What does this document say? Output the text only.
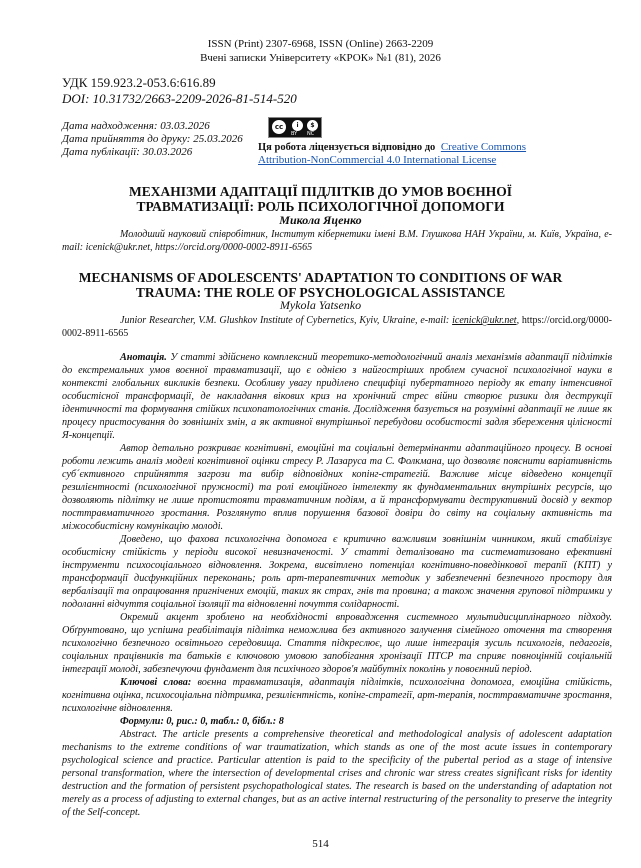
ISSN (Print) 2307-6968, ISSN (Online) 2663-2209
Вчені записки Університету «КРОК» №1 (81), 2026
УДК 159.923.2-053.6:616.89
DOI: 10.31732/2663-2209-2026-81-514-520
Дата надходження: 03.03.2026
Дата прийняття до друку: 25.03.2026
Дата публікації: 30.03.2026
cc	i	$
BY NC
Ця робота ліцензується відповідно до Creative Commons
Attribution-NonCommercial 4.0 International License
МЕХАНІЗМИ АДАПТАЦІЇ ПІДЛІТКІВ ДО УМОВ ВОЄННОЇ
ТРАВМАТИЗАЦІЇ: РОЛЬ ПСИХОЛОГІЧНОЇ ДОПОМОГИ
Микола Яценко
Молодший науковий співробітник, Інститут кібернетики імені В.М. Глушкова НАН України, м. Київ, Україна, e-mail: icenick@ukr.net, https://orcid.org/0000-0002-8911-6565
MECHANISMS OF ADOLESCENTS' ADAPTATION TO CONDITIONS OF WAR
TRAUMA: THE ROLE OF PSYCHOLOGICAL ASSISTANCE
Mykola Yatsenko
Junior Researcher, V.M. Glushkov Institute of Cybernetics, Kyiv, Ukraine, e-mail: icenick@ukr.net, https://orcid.org/0000-0002-8911-6565

Анотація. У статті здійснено комплексний теоретико-методологічний аналіз механізмів адаптації підлітків до екстремальних умов воєнної травматизації, що є однією з найгостріших проблем сучасної психологічної науки в контексті глобальних викликів безпеки. Особливу увагу приділено специфіці пубертатного періоду як етапу інтенсивної особистісної трансформації, де накладання вікових криз на хронічний стрес війни створює ризики для деструкції ідентичності та формування стійких психопатологічних станів. Дослідження базується на розумінні адаптації не лише як процесу пристосування до зовнішніх змін, а як активної внутрішньої перебудови особистості задля збереження цілісності Я-концепції.

Автор детально розкриває когнітивні, емоційні та соціальні детермінанти адаптаційного процесу. В основі роботи лежить аналіз моделі когнітивної оцінки стресу Р. Лазаруса та С. Фолкмана, що дозволяє пояснити варіативність суб´єктивного сприйняття загрози та вибір відповідних копінг-стратегій. Важливе місце відведено концепції резилієнтності (психологічної пружності) та ролі емоційного інтелекту як фундаментальних внутрішніх ресурсів, що дозволяють підлітку не лише протистояти травматичним подіям, а й трансформувати деструктивний досвід у вектор посттравматичного зростання. Розглянуто вплив порушення базової довіри до світу на соціальну активність та міжособистісну комунікацію молоді.

Доведено, що фахова психологічна допомога є критично важливим зовнішнім чинником, який стабілізує особистісну стійкість у періоди високої невизначеності. У статті деталізовано та систематизовано ефективні інструменти психосоціального відновлення. Зокрема, висвітлено потенціал когнітивно-поведінкової терапії (КПТ) у трансформації дисфункційних переконань; роль арт-терапевтичних методик у забезпеченні безпечного простору для вербалізації та опрацювання пригнічених емоцій, таких як страх, гнів та провина; а також значення групової підтримки у подоланні відчуття соціальної ізоляції та відновленні почуття солідарності.

Окремий акцент зроблено на необхідності впровадження системного мультидисциплінарного підходу. Обґрунтовано, що успішна реабілітація підлітка неможлива без активного залучення сімейного оточення та створення психологічно безпечного освітнього середовища. Стаття підкреслює, що лише інтеграція зусиль психологів, педагогів, соціальних працівників та батьків є ключовою умовою запобігання хронізації ПТСР та сприяє повноцінній соціальній інтеграції молоді, забезпечуючи фундамент для психічного здоров'я майбутніх поколінь у повоєнний період.

Ключові слова: воєнна травматизація, адаптація підлітків, психологічна допомога, емоційна стійкість, когнітивна оцінка, психосоціальна підтримка, резилієнтність, копінг-стратегії, арт-терапія, посттравматичне зростання, психологічне відновлення.

Формули: 0, рис.: 0, табл.: 0, бібл.: 8

Abstract. The article presents a comprehensive theoretical and methodological analysis of adolescent adaptation mechanisms to the extreme conditions of war traumatization, which stands as one of the most acute issues in contemporary psychological science and practice. Particular attention is paid to the specificity of the pubertal period as a stage of intensive personal transformation, where the intersection of developmental crises and chronic war stress creates significant risks for identity destruction and the formation of persistent psychopathological states. The research is based on the understanding of adaptation not merely as a process of adjusting to external changes, but as an active internal restructuring of the personality to preserve the integrity of the Self-concept.

514
